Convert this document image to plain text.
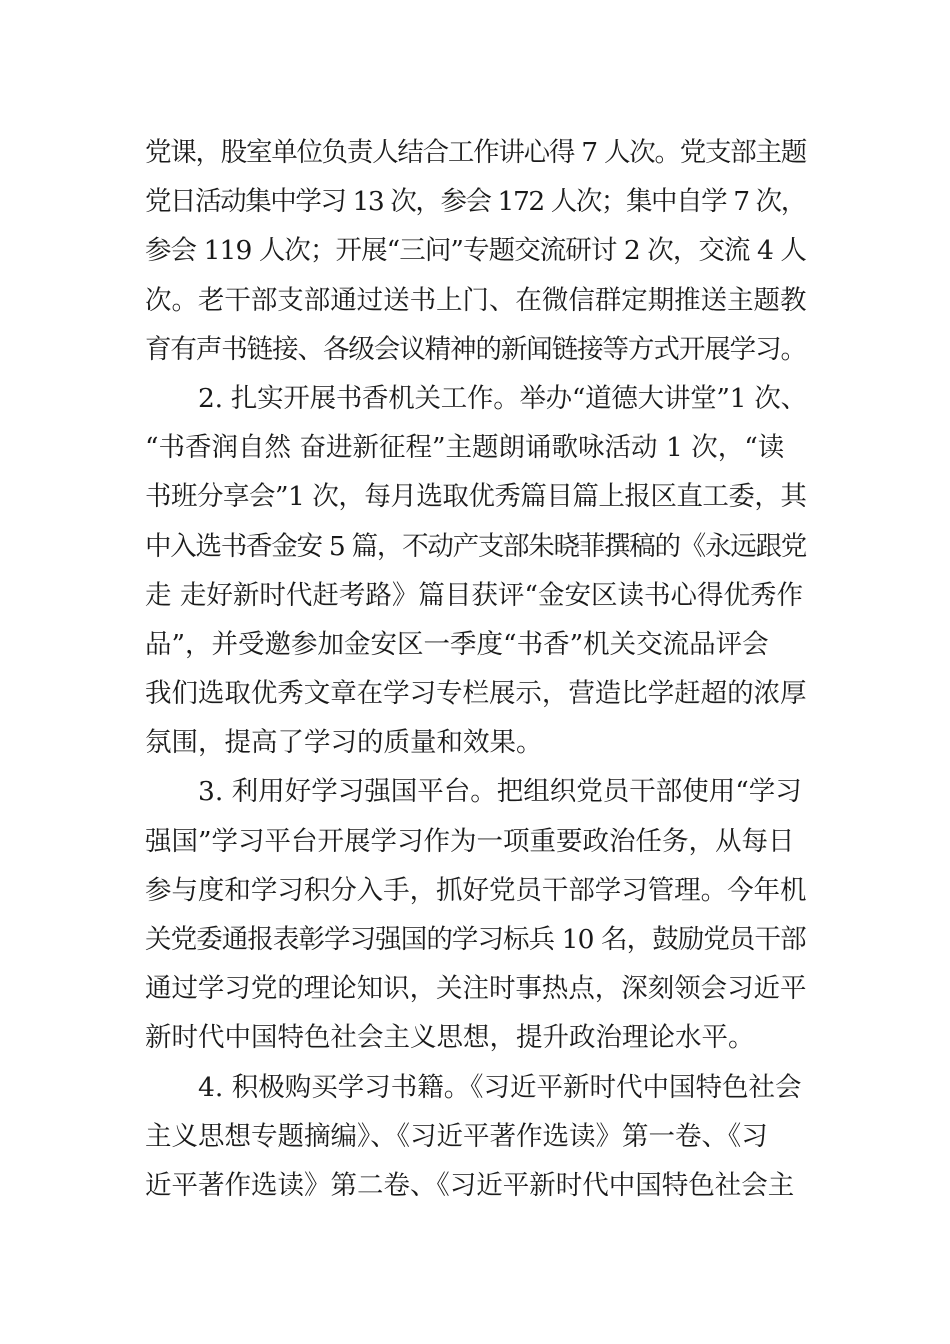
党课，股室单位负责人结合工作讲心得 7 人次。党支部主题
党日活动集中学习 13 次，参会 172 人次；集中自学 7 次，
参会 119 人次；开展“三问”专题交流研讨 2 次，交流 4 人
次。老干部支部通过送书上门、在微信群定期推送主题教
育有声书链接、各级会议精神的新闻链接等方式开展学习。
2. 扎实开展书香机关工作。举办“道德大讲堂”1 次、
“书香润自然 奋进新征程”主题朗诵歌咏活动 1 次，“读
书班分享会”1 次，每月选取优秀篇目篇上报区直工委，其
中入选书香金安 5 篇，不动产支部朱晓菲撰稿的《永远跟党
走 走好新时代赶考路》篇目获评“金安区读书心得优秀作
品”，并受邀参加金安区一季度“书香”机关交流品评会
我们选取优秀文章在学习专栏展示，营造比学赶超的浓厚
氛围，提高了学习的质量和效果。
3. 利用好学习强国平台。把组织党员干部使用“学习
强国”学习平台开展学习作为一项重要政治任务，从每日
参与度和学习积分入手，抓好党员干部学习管理。今年机
关党委通报表彰学习强国的学习标兵 10 名，鼓励党员干部
通过学习党的理论知识，关注时事热点，深刻领会习近平
新时代中国特色社会主义思想，提升政治理论水平。
4. 积极购买学习书籍。《习近平新时代中国特色社会
主义思想专题摘编》、《习近平著作选读》第一卷、《习
近平著作选读》第二卷、《习近平新时代中国特色社会主
